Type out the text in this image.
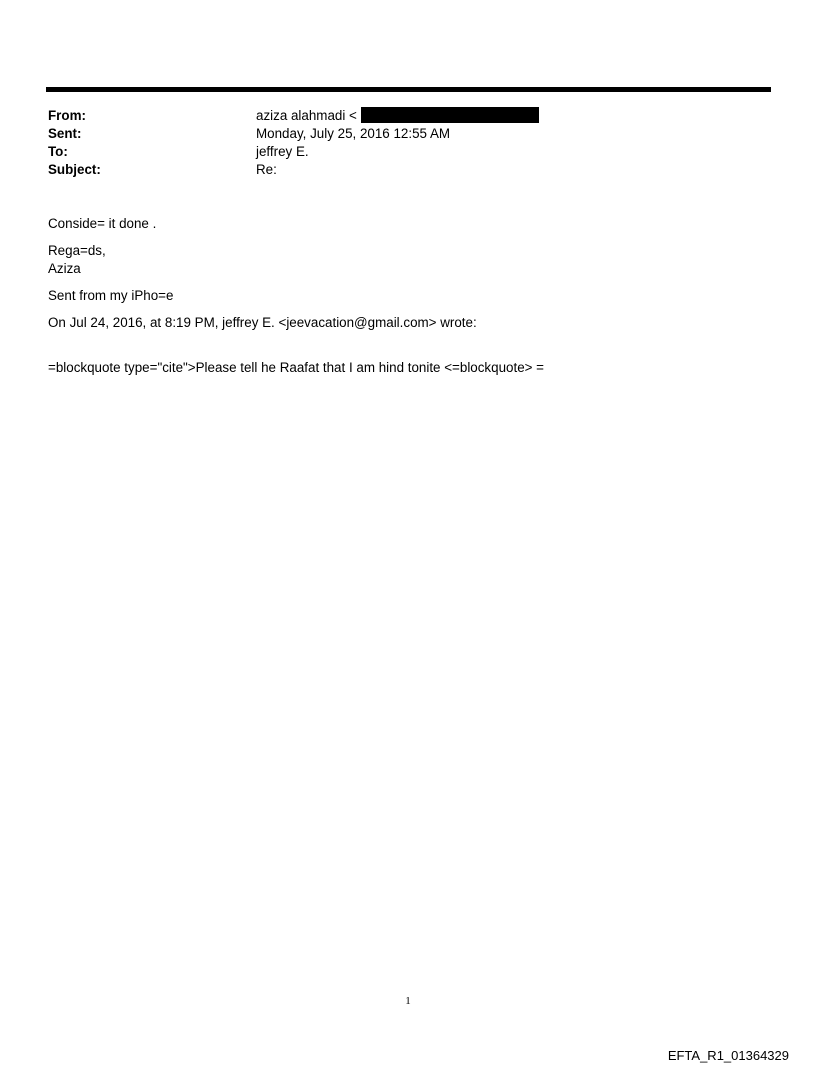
From:	aziza alahmadi <
Sent:	Monday, July 25, 2016 12:55 AM
To:	jeffrey E.
Subject:	Re:

Conside= it done .

Rega=ds,

Aziza

Sent from my iPho=e

On Jul 24, 2016, at 8:19 PM, jeffrey E. <jeevacation@gmail.com> wrote:

=blockquote type="cite">Please tell he Raafat that I am hind tonite <=blockquote> =

1
EFTA_R1_01364329
